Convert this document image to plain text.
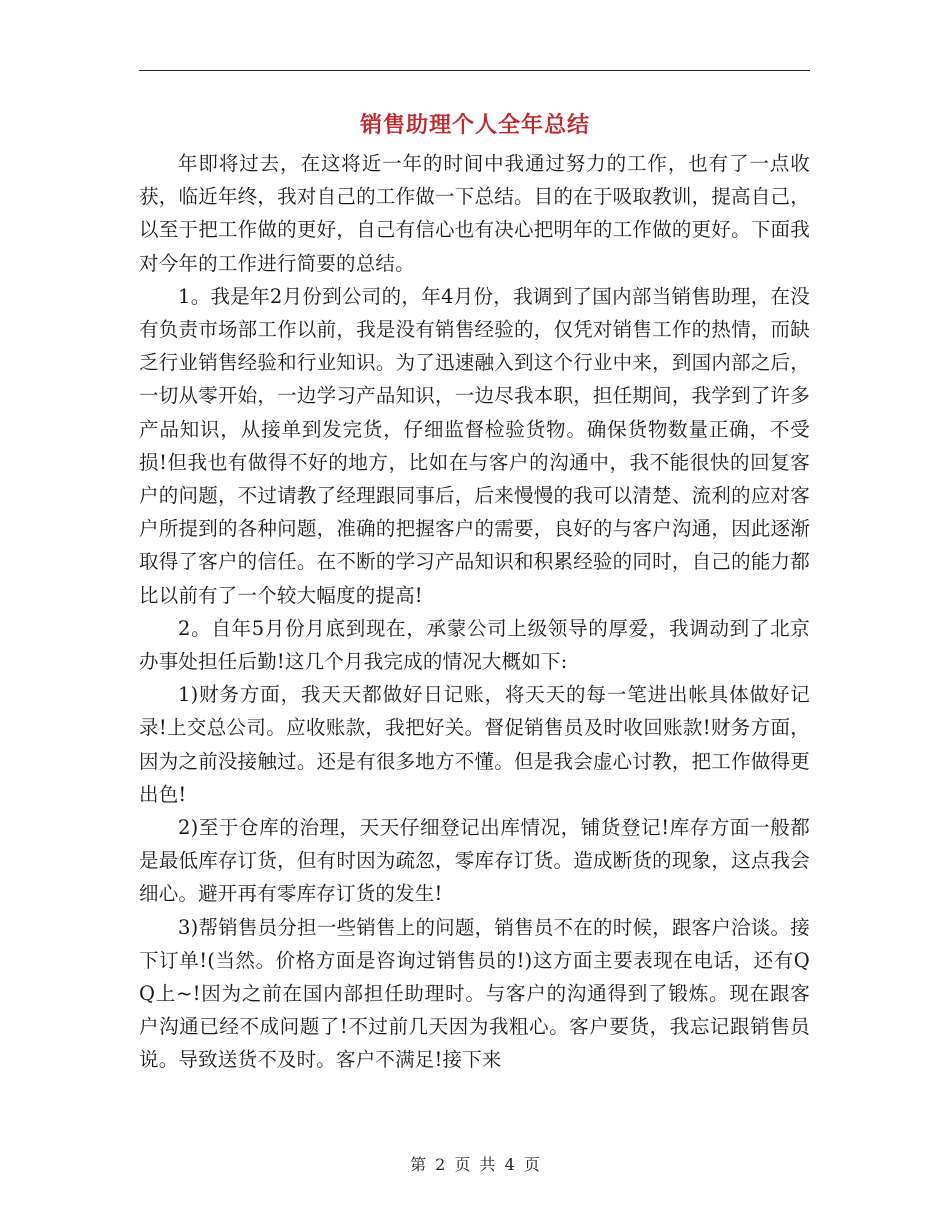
销售助理个人全年总结

年即将过去，在这将近一年的时间中我通过努力的工作，也有了一点收获，临近年终，我对自己的工作做一下总结。目的在于吸取教训，提高自己，以至于把工作做的更好，自己有信心也有决心把明年的工作做的更好。下面我对今年的工作进行简要的总结。

1。我是年2月份到公司的，年4月份，我调到了国内部当销售助理，在没有负责市场部工作以前，我是没有销售经验的，仅凭对销售工作的热情，而缺乏行业销售经验和行业知识。为了迅速融入到这个行业中来，到国内部之后，一切从零开始，一边学习产品知识，一边尽我本职，担任期间，我学到了许多产品知识，从接单到发完货，仔细监督检验货物。确保货物数量正确，不受损!但我也有做得不好的地方，比如在与客户的沟通中，我不能很快的回复客户的问题，不过请教了经理跟同事后，后来慢慢的我可以清楚、流利的应对客户所提到的各种问题，准确的把握客户的需要，良好的与客户沟通，因此逐渐取得了客户的信任。在不断的学习产品知识和积累经验的同时，自己的能力都比以前有了一个较大幅度的提高!

2。自年5月份月底到现在，承蒙公司上级领导的厚爱，我调动到了北京办事处担任后勤!这几个月我完成的情况大概如下:

1)财务方面，我天天都做好日记账，将天天的每一笔进出帐具体做好记录!上交总公司。应收账款，我把好关。督促销售员及时收回账款!财务方面，因为之前没接触过。还是有很多地方不懂。但是我会虚心讨教，把工作做得更出色!

2)至于仓库的治理，天天仔细登记出库情况，铺货登记!库存方面一般都是最低库存订货，但有时因为疏忽，零库存订货。造成断货的现象，这点我会细心。避开再有零库存订货的发生!

3)帮销售员分担一些销售上的问题，销售员不在的时候，跟客户洽谈。接下订单!(当然。价格方面是咨询过销售员的!)这方面主要表现在电话，还有QQ上~!因为之前在国内部担任助理时。与客户的沟通得到了锻炼。现在跟客户沟通已经不成问题了!不过前几天因为我粗心。客户要货，我忘记跟销售员说。导致送货不及时。客户不满足!接下来

第 2 页 共 4 页
